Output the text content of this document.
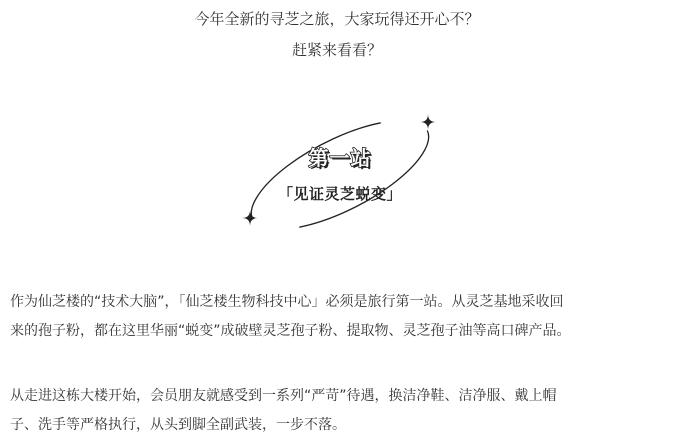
今年全新的寻芝之旅，大家玩得还开心不？
赶紧来看看？
第一站
「见证灵芝蜕变」
作为仙芝楼的“技术大脑”，「仙芝楼生物科技中心」必须是旅行第一站。从灵芝基地采收回
来的孢子粉，都在这里华丽“蜕变”成破壁灵芝孢子粉、提取物、灵芝孢子油等高口碑产品。
从走进这栋大楼开始，会员朋友就感受到一系列“严苛”待遇，换洁净鞋、洁净服、戴上帽
子、洗手等严格执行，从头到脚全副武装，一步不落。
